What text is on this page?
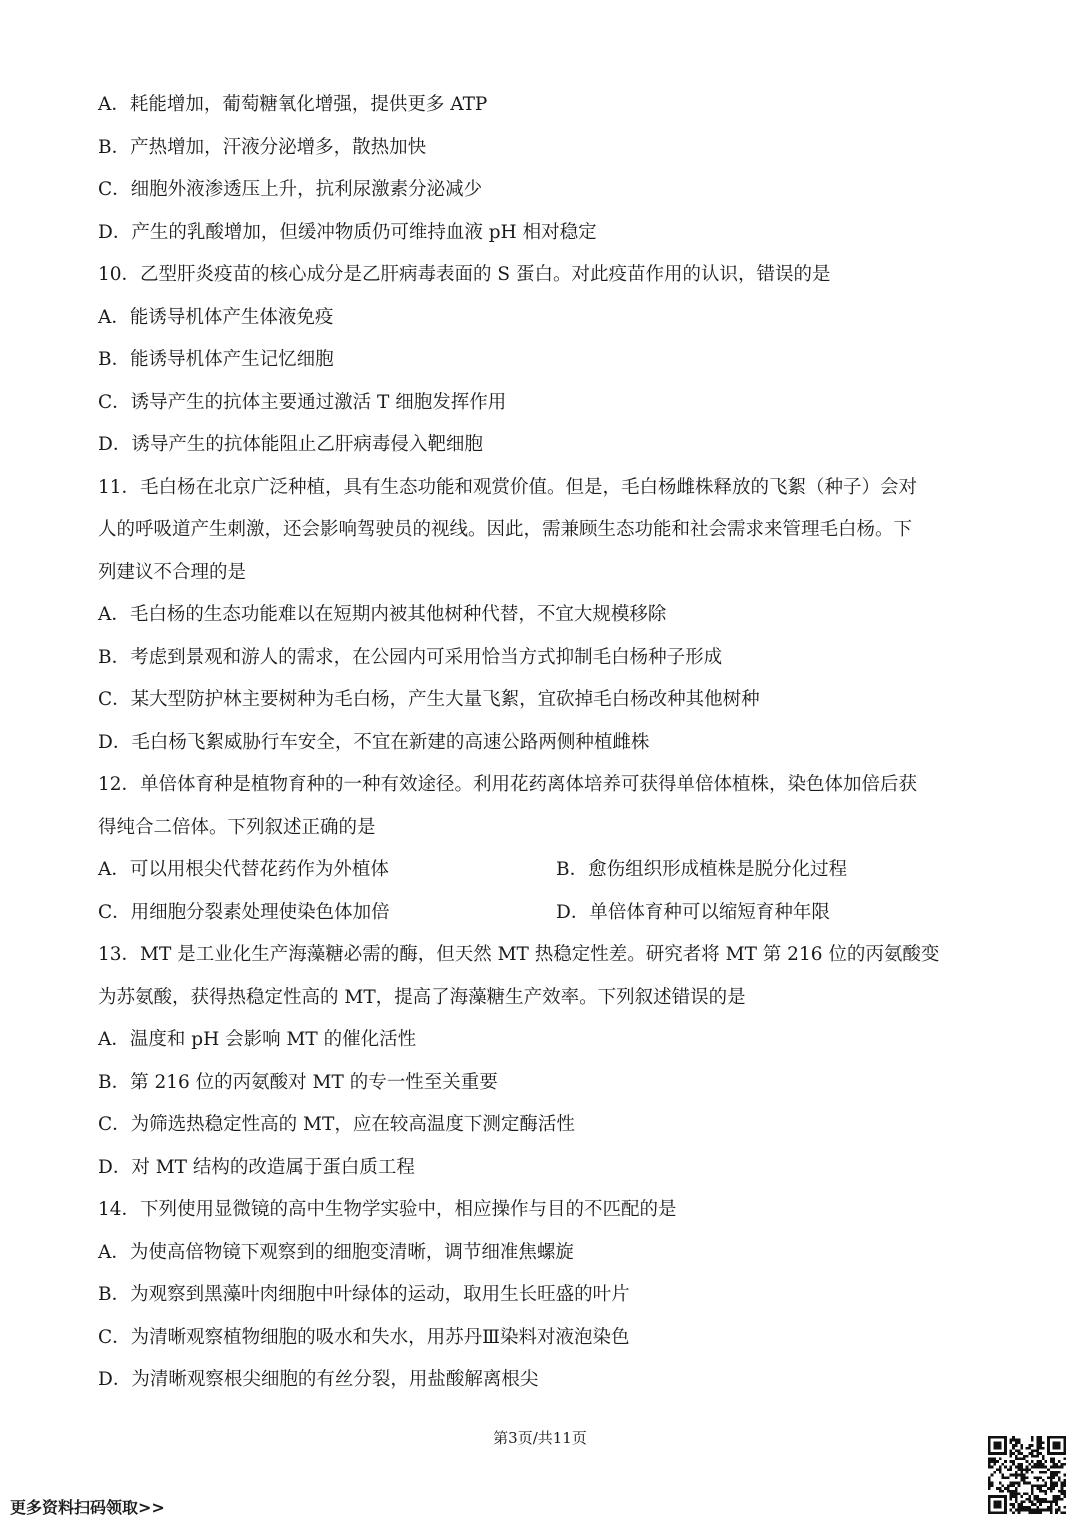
A．耗能增加，葡萄糖氧化增强，提供更多 ATP
B．产热增加，汗液分泌增多，散热加快
C．细胞外液渗透压上升，抗利尿激素分泌减少
D．产生的乳酸增加，但缓冲物质仍可维持血液 pH 相对稳定
10．乙型肝炎疫苗的核心成分是乙肝病毒表面的 S 蛋白。对此疫苗作用的认识，错误的是
A．能诱导机体产生体液免疫
B．能诱导机体产生记忆细胞
C．诱导产生的抗体主要通过激活 T 细胞发挥作用
D．诱导产生的抗体能阻止乙肝病毒侵入靶细胞
11．毛白杨在北京广泛种植，具有生态功能和观赏价值。但是，毛白杨雌株释放的飞絮（种子）会对
人的呼吸道产生刺激，还会影响驾驶员的视线。因此，需兼顾生态功能和社会需求来管理毛白杨。下
列建议不合理的是
A．毛白杨的生态功能难以在短期内被其他树种代替，不宜大规模移除
B．考虑到景观和游人的需求，在公园内可采用恰当方式抑制毛白杨种子形成
C．某大型防护林主要树种为毛白杨，产生大量飞絮，宜砍掉毛白杨改种其他树种
D．毛白杨飞絮威胁行车安全，不宜在新建的高速公路两侧种植雌株
12．单倍体育种是植物育种的一种有效途径。利用花药离体培养可获得单倍体植株，染色体加倍后获
得纯合二倍体。下列叙述正确的是
A．可以用根尖代替花药作为外植体	B．愈伤组织形成植株是脱分化过程
C．用细胞分裂素处理使染色体加倍	D．单倍体育种可以缩短育种年限
13．MT 是工业化生产海藻糖必需的酶，但天然 MT 热稳定性差。研究者将 MT 第 216 位的丙氨酸变
为苏氨酸，获得热稳定性高的 MT，提高了海藻糖生产效率。下列叙述错误的是
A．温度和 pH 会影响 MT 的催化活性
B．第 216 位的丙氨酸对 MT 的专一性至关重要
C．为筛选热稳定性高的 MT，应在较高温度下测定酶活性
D．对 MT 结构的改造属于蛋白质工程
14．下列使用显微镜的高中生物学实验中，相应操作与目的不匹配的是
A．为使高倍物镜下观察到的细胞变清晰，调节细准焦螺旋
B．为观察到黑藻叶肉细胞中叶绿体的运动，取用生长旺盛的叶片
C．为清晰观察植物细胞的吸水和失水，用苏丹Ⅲ染料对液泡染色
D．为清晰观察根尖细胞的有丝分裂，用盐酸解离根尖
第3页/共11页
更多资料扫码领取>>
